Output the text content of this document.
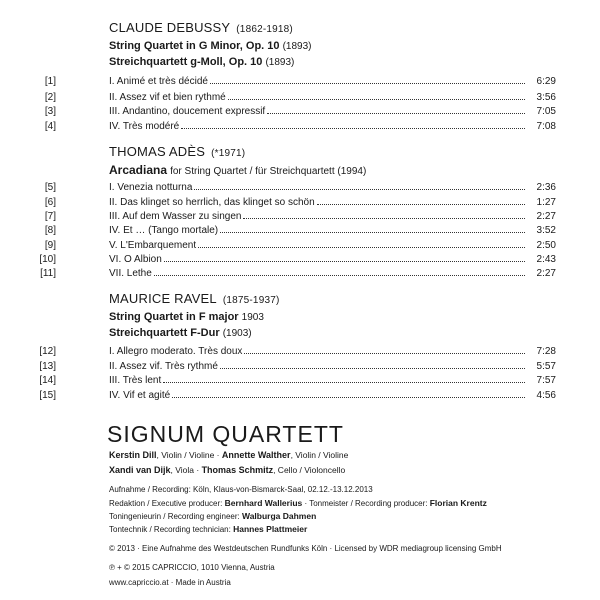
CLAUDE DEBUSSY (1862-1918)
String Quartet in G Minor, Op. 10 (1893)
Streichquartett g-Moll, Op. 10 (1893)
[1]	I. Animé et très décidé	6:29
[2]	II. Assez vif et bien rythmé	3:56
[3]	III. Andantino, doucement expressif	7:05
[4]	IV. Très modéré	7:08
THOMAS ADÈS (*1971)
Arcadiana for String Quartet / für Streichquartett (1994)
[5]	I. Venezia notturna	2:36
[6]	II. Das klinget so herrlich, das klinget so schön	1:27
[7]	III. Auf dem Wasser zu singen	2:27
[8]	IV. Et … (Tango mortale)	3:52
[9]	V. L'Embarquement	2:50
[10]	VI. O Albion	2:43
[11]	VII. Lethe	2:27
MAURICE RAVEL (1875-1937)
String Quartet in F major 1903
Streichquartett F-Dur (1903)
[12]	I. Allegro moderato. Très doux	7:28
[13]	II. Assez vif. Très rythmé	5:57
[14]	III. Très lent	7:57
[15]	IV. Vif et agité	4:56
SIGNUM QUARTETT
Kerstin Dill, Violin / Violine · Annette Walther, Violin / Violine
Xandi van Dijk, Viola · Thomas Schmitz, Cello / Violoncello
Aufnahme / Recording: Köln, Klaus-von-Bismarck-Saal, 02.12.-13.12.2013
Redaktion / Executive producer: Bernhard Wallerius · Tonmeister / Recording producer: Florian Krentz
Toningenieurin / Recording engineer: Walburga Dahmen
Tontechnik / Recording technician: Hannes Plattmeier
© 2013 · Eine Aufnahme des Westdeutschen Rundfunks Köln · Licensed by WDR mediagroup licensing GmbH
℗ + © 2015 CAPRICCIO, 1010 Vienna, Austria
www.capriccio.at · Made in Austria
